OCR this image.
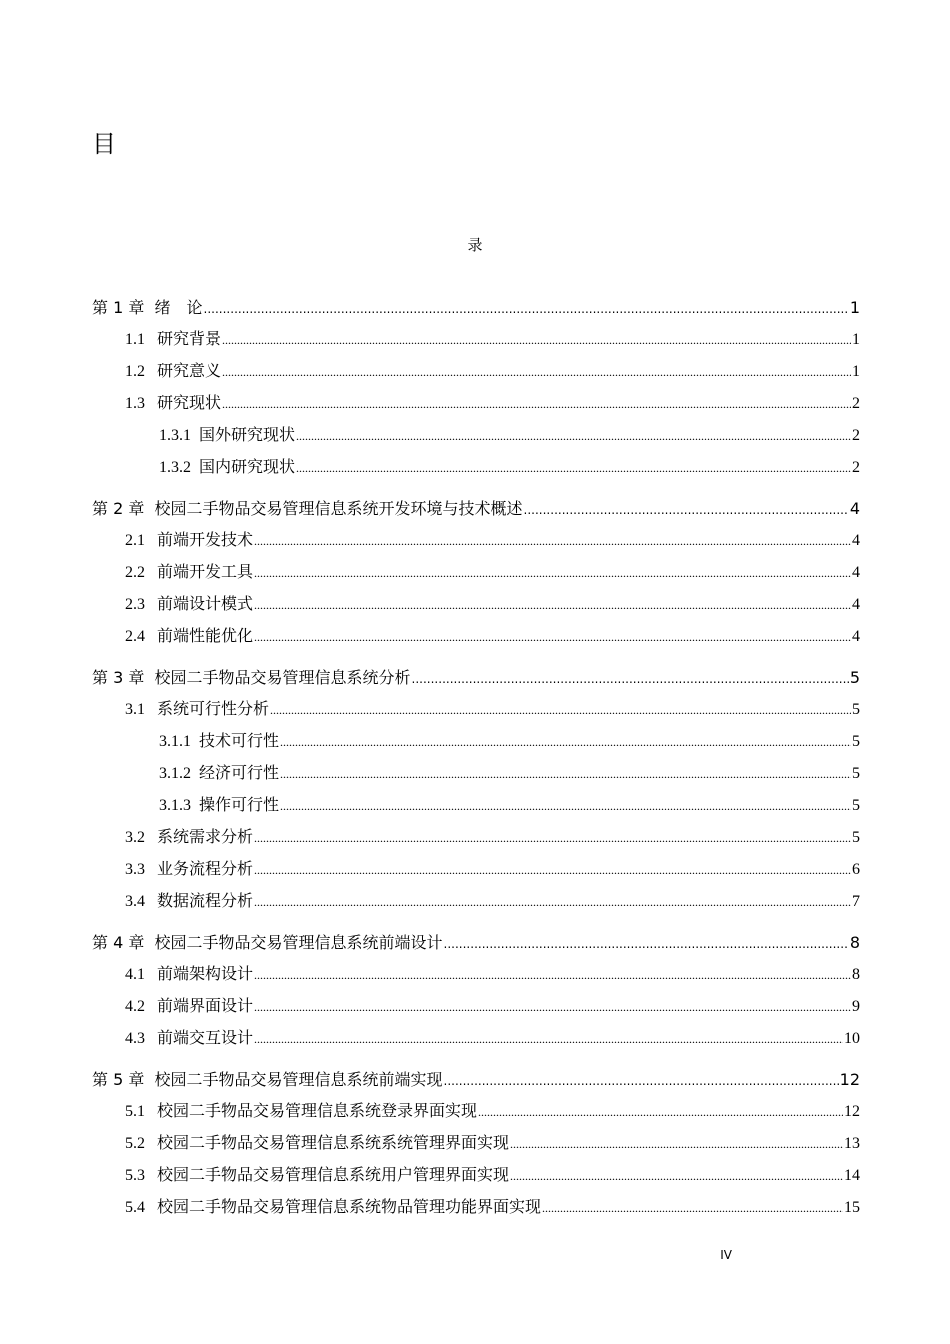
目
录
第 1 章 绪　论 .....	1
1.1 研究背景 .....	1
1.2 研究意义 .....	1
1.3 研究现状 .....	2
1.3.1 国外研究现状 .....	2
1.3.2 国内研究现状 .....	2
第 2 章 校园二手物品交易管理信息系统开发环境与技术概述 .....	4
2.1 前端开发技术 .....	4
2.2 前端开发工具 .....	4
2.3 前端设计模式 .....	4
2.4 前端性能优化 .....	4
第 3 章 校园二手物品交易管理信息系统分析 .....	5
3.1 系统可行性分析 .....	5
3.1.1 技术可行性 .....	5
3.1.2 经济可行性 .....	5
3.1.3 操作可行性 .....	5
3.2 系统需求分析 .....	5
3.3 业务流程分析 .....	6
3.4 数据流程分析 .....	7
第 4 章 校园二手物品交易管理信息系统前端设计 .....	8
4.1 前端架构设计 .....	8
4.2 前端界面设计 .....	9
4.3 前端交互设计 .....	10
第 5 章 校园二手物品交易管理信息系统前端实现 .....	12
5.1 校园二手物品交易管理信息系统登录界面实现 .....	12
5.2 校园二手物品交易管理信息系统系统管理界面实现 .....	13
5.3 校园二手物品交易管理信息系统用户管理界面实现 .....	14
5.4 校园二手物品交易管理信息系统物品管理功能界面实现 .....	15
IV
